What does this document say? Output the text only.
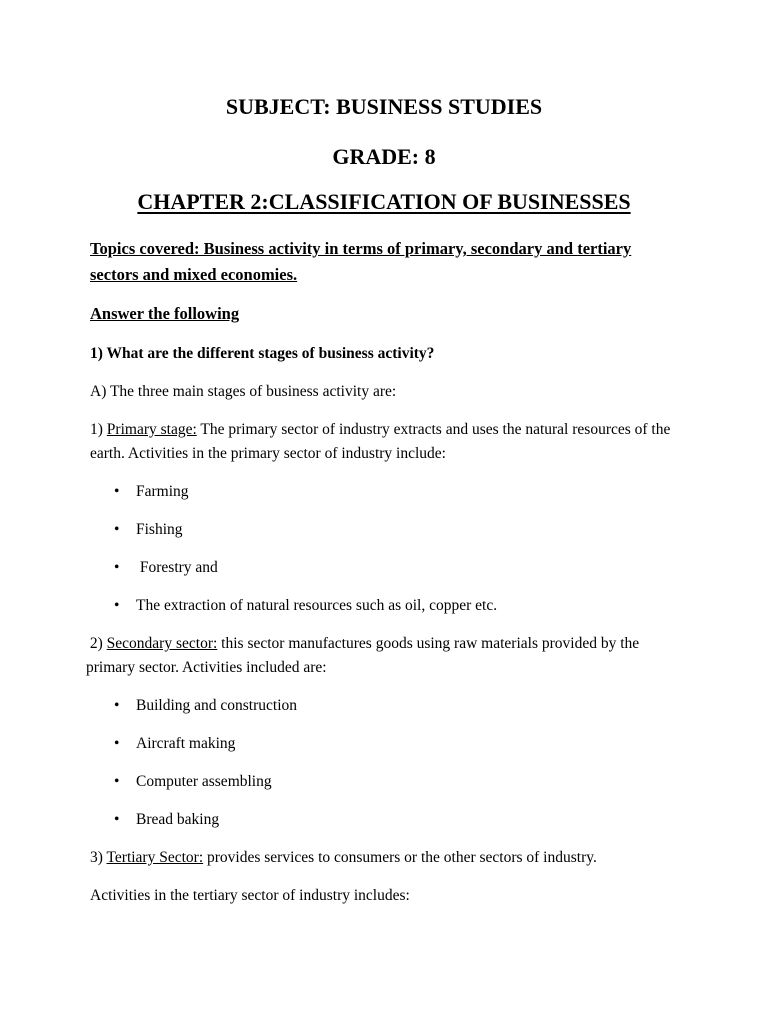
SUBJECT: BUSINESS STUDIES
GRADE: 8
CHAPTER 2:CLASSIFICATION OF BUSINESSES

Topics covered: Business activity in terms of primary, secondary and tertiary sectors and mixed economies.

Answer the following

1) What are the different stages of business activity?

A) The three main stages of business activity are:

1) Primary stage: The primary sector of industry extracts and uses the natural resources of the earth. Activities in the primary sector of industry include:

• Farming
• Fishing
• Forestry and
• The extraction of natural resources such as oil, copper etc.

2) Secondary sector: this sector manufactures goods using raw materials provided by the primary sector. Activities included are:

• Building and construction
• Aircraft making
• Computer assembling
• Bread baking

3) Tertiary Sector: provides services to consumers or the other sectors of industry.

Activities in the tertiary sector of industry includes:
